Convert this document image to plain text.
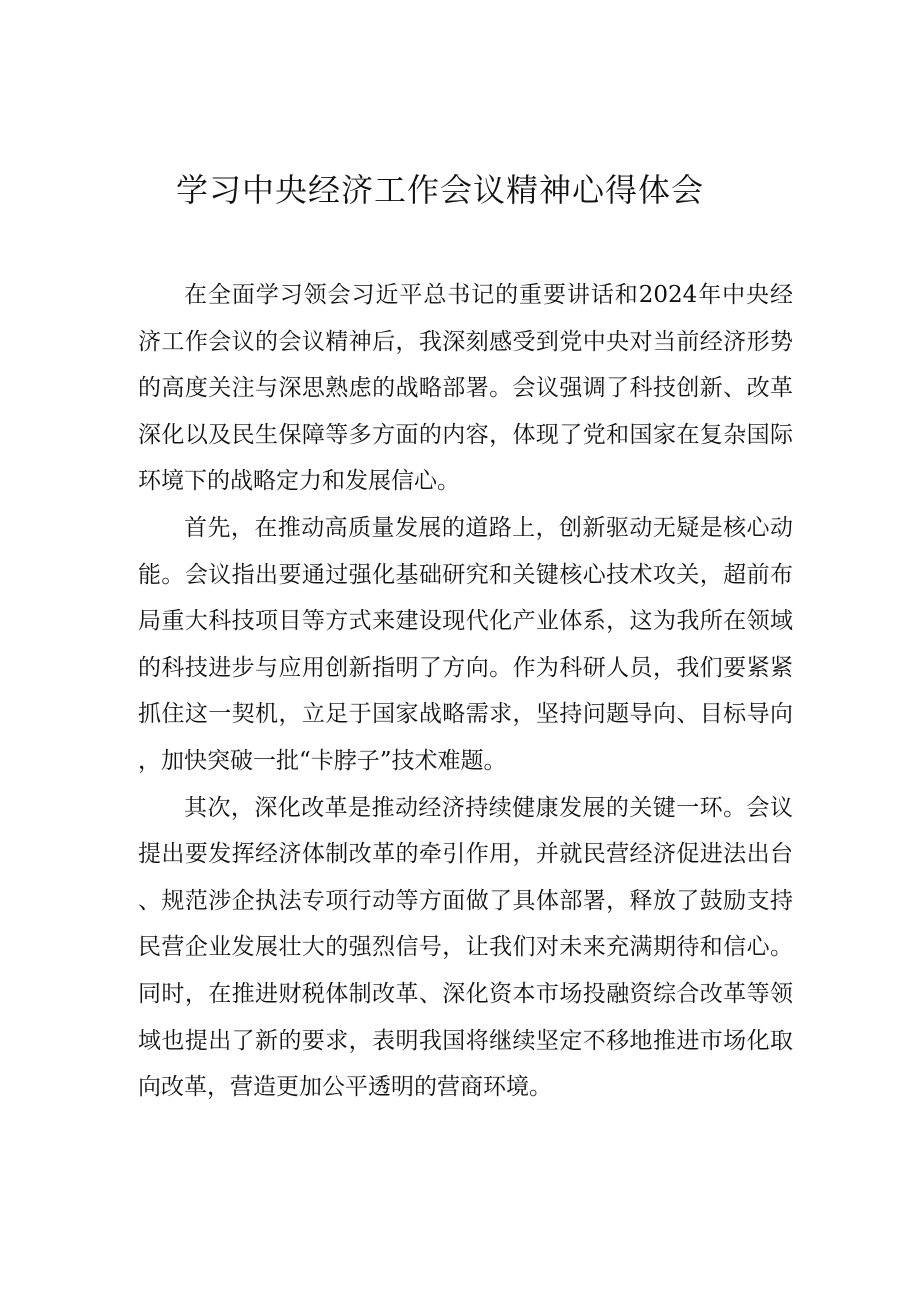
学习中央经济工作会议精神心得体会

在全面学习领会习近平总书记的重要讲话和2024年中央经济工作会议的会议精神后，我深刻感受到党中央对当前经济形势的高度关注与深思熟虑的战略部署。会议强调了科技创新、改革深化以及民生保障等多方面的内容，体现了党和国家在复杂国际环境下的战略定力和发展信心。

首先，在推动高质量发展的道路上，创新驱动无疑是核心动能。会议指出要通过强化基础研究和关键核心技术攻关，超前布局重大科技项目等方式来建设现代化产业体系，这为我所在领域的科技进步与应用创新指明了方向。作为科研人员，我们要紧紧抓住这一契机，立足于国家战略需求，坚持问题导向、目标导向，加快突破一批“卡脖子”技术难题。

其次，深化改革是推动经济持续健康发展的关键一环。会议提出要发挥经济体制改革的牵引作用，并就民营经济促进法出台、规范涉企执法专项行动等方面做了具体部署，释放了鼓励支持民营企业发展壮大的强烈信号，让我们对未来充满期待和信心。同时，在推进财税体制改革、深化资本市场投融资综合改革等领域也提出了新的要求，表明我国将继续坚定不移地推进市场化取向改革，营造更加公平透明的营商环境。
